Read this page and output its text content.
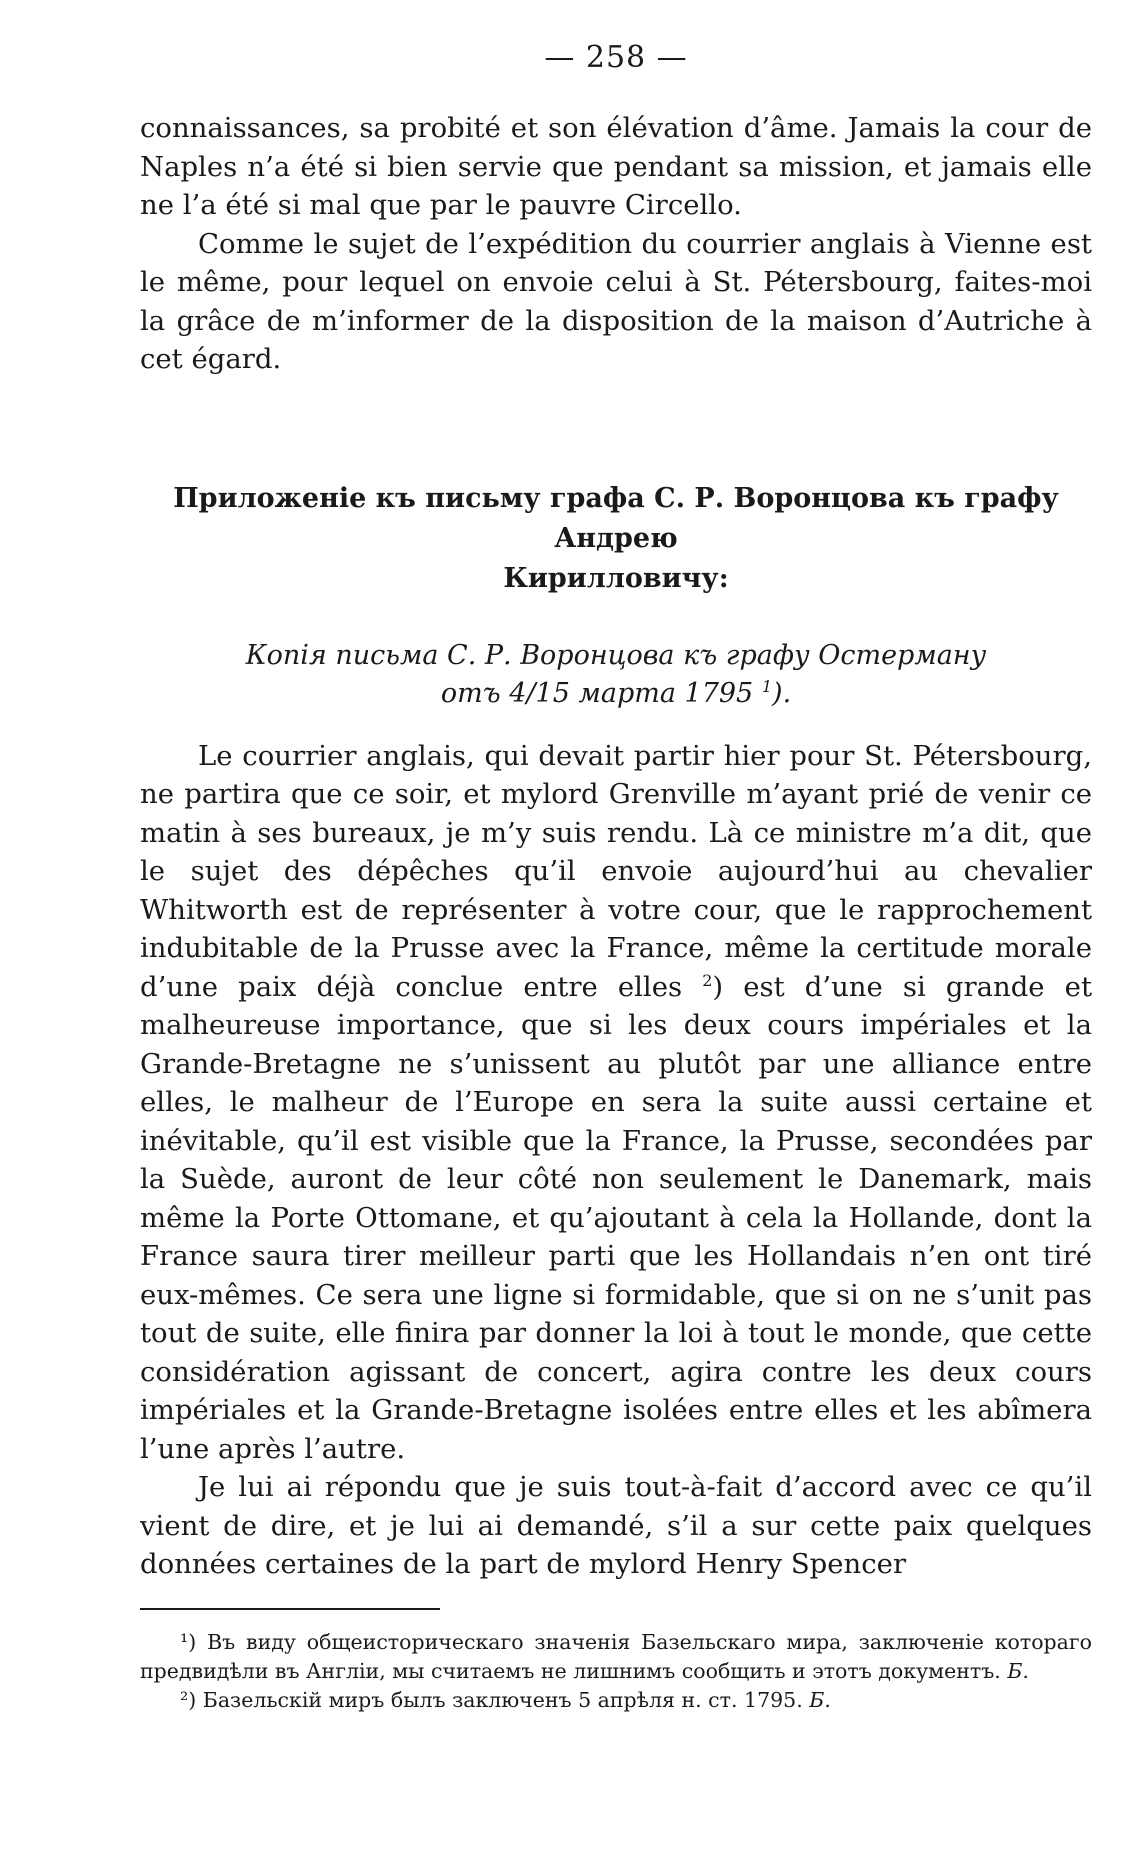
— 258 —

connaissances, sa probité et son élévation d’âme. Jamais la cour de Naples n’a été si bien servie que pendant sa mission, et jamais elle ne l’a été si mal que par le pauvre Circello.

Comme le sujet de l’expédition du courrier anglais à Vienne est le même, pour lequel on envoie celui à St. Pétersbourg, faites-moi la grâce de m’informer de la disposition de la maison d’Autriche à cet égard.

Приложеніе къ письму графа С. Р. Воронцова къ графу Андрею

Кирилловичу:

Копія письма С. Р. Воронцова къ графу Остерману

отъ 4/15 марта 1795 $^1$).

Le courrier anglais, qui devait partir hier pour St. Pétersbourg, ne partira que ce soir, et mylord Grenville m’ayant prié de venir ce matin à ses bureaux, je m’y suis rendu. Là ce ministre m’a dit, que le sujet des dépêches qu’il envoie aujourd’hui au chevalier Whitworth est de représenter à votre cour, que le rapprochement indubitable de la Prusse avec la France, même la certitude morale d’une paix déjà conclue entre elles $^2$) est d’une si grande et malheureuse importance, que si les deux cours impériales et la Grande-Bretagne ne s’unissent au plutôt par une alliance entre elles, le malheur de l’Europe en sera la suite aussi certaine et inévitable, qu’il est visible que la France, la Prusse, secondées par la Suède, auront de leur côté non seulement le Danemark, mais même la Porte Ottomane, et qu’ajoutant à cela la Hollande, dont la France saura tirer meilleur parti que les Hollandais n’en ont tiré eux-mêmes. Ce sera une ligne si formidable, que si on ne s’unit pas tout de suite, elle finira par donner la loi à tout le monde, que cette considération agissant de concert, agira contre les deux cours impériales et la Grande-Bretagne isolées entre elles et les abîmera l’une après l’autre.

Je lui ai répondu que je suis tout-à-fait d’accord avec ce qu’il vient de dire, et je lui ai demandé, s’il a sur cette paix quelques données certaines de la part de mylord Henry Spencer

¹) Въ виду общеисторическаго значенія Базельскаго мира, заключеніе котораго предвидѣли въ Англіи, мы считаемъ не лишнимъ сообщить и этотъ документъ. Б.

²) Базельскій миръ былъ заключенъ 5 апрѣля н. ст. 1795. Б.
